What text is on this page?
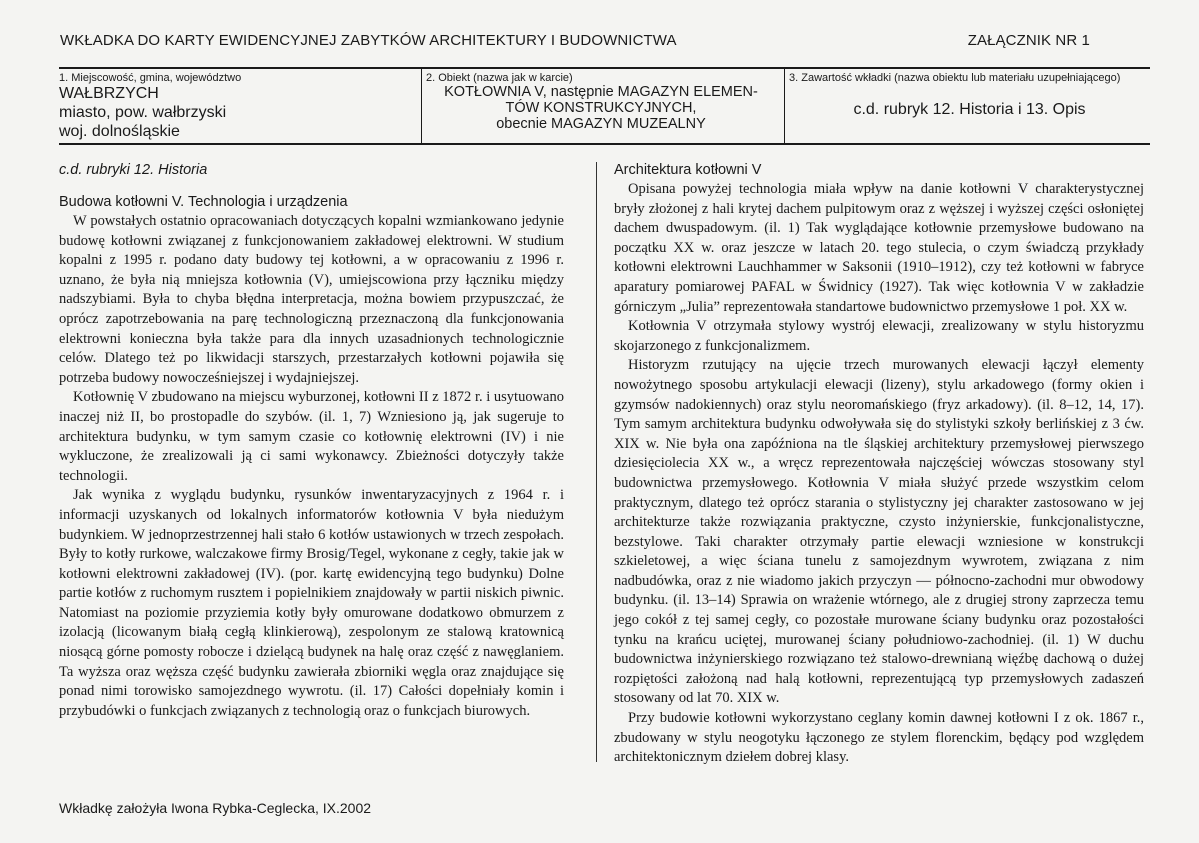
WKŁADKA DO KARTY EWIDENCYJNEJ ZABYTKÓW ARCHITEKTURY I BUDOWNICTWA	ZAŁĄCZNIK NR 1
1. Miejscowość, gmina, województwo
WAŁBRZYCH
miasto, pow. wałbrzyski
woj. dolnośląskie
2. Obiekt (nazwa jak w karcie)
KOTŁOWNIA V, następnie MAGAZYN ELEMEN-
TÓW KONSTRUKCYJNYCH,
obecnie MAGAZYN MUZEALNY
3. Zawartość wkładki (nazwa obiektu lub materiału uzupełniającego)
c.d. rubryk 12. Historia i 13. Opis
c.d. rubryki 12. Historia
Budowa kotłowni V. Technologia i urządzenia

W powstałych ostatnio opracowaniach dotyczących kopalni wzmiankowano jedynie budowę kotłowni związanej z funkcjonowaniem zakładowej elektrowni. W studium kopalni z 1995 r. podano daty budowy tej kotłowni, a w opracowaniu z 1996 r. uznano, że była nią mniejsza kotłownia (V), umiejscowiona przy łączniku między nadszybiami. Była to chyba błędna interpretacja, można bowiem przypuszczać, że oprócz zapotrzebowania na parę technologiczną przeznaczoną dla funkcjonowania elektrowni konieczna była także para dla innych uzasadnionych technologicznie celów. Dlatego też po likwidacji starszych, przestarzałych kotłowni pojawiła się potrzeba budowy nowocześniejszej i wydajniejszej.

Kotłownię V zbudowano na miejscu wyburzonej, kotłowni II z 1872 r. i usytuowano inaczej niż II, bo prostopadle do szybów. (il. 1, 7) Wzniesiono ją, jak sugeruje to architektura budynku, w tym samym czasie co kotłownię elektrowni (IV) i nie wykluczone, że zrealizowali ją ci sami wykonawcy. Zbieżności dotyczyły także technologii.

Jak wynika z wyglądu budynku, rysunków inwentaryzacyjnych z 1964 r. i informacji uzyskanych od lokalnych informatorów kotłownia V była niedużym budynkiem. W jednoprzestrzennej hali stało 6 kotłów ustawionych w trzech zespołach. Były to kotły rurkowe, walczakowe firmy Brosig/Tegel, wykonane z cegły, takie jak w kotłowni elektrowni zakładowej (IV). (por. kartę ewidencyjną tego budynku) Dolne partie kotłów z ruchomym rusztem i popielnikiem znajdowały w partii niskich piwnic. Natomiast na poziomie przyziemia kotły były omurowane dodatkowo obmurzem z izolacją (licowanym białą cegłą klinkierową), zespolonym ze stalową kratownicą niosącą górne pomosty robocze i dzielącą budynek na halę oraz część z nawęglaniem. Ta wyższa oraz węższa część budynku zawierała zbiorniki węgla oraz znajdujące się ponad nimi torowisko samojezdnego wywrotu. (il. 17) Całości dopełniały komin i przybudówki o funkcjach związanych z technologią oraz o funkcjach biurowych.

Architektura kotłowni V

Opisana powyżej technologia miała wpływ na danie kotłowni V charakterystycznej bryły złożonej z hali krytej dachem pulpitowym oraz z węższej i wyższej części osłoniętej dachem dwuspadowym. (il. 1) Tak wyglądające kotłownie przemysłowe budowano na początku XX w. oraz jeszcze w latach 20. tego stulecia, o czym świadczą przykłady kotłowni elektrowni Lauchhammer w Saksonii (1910–1912), czy też kotłowni w fabryce aparatury pomiarowej PAFAL w Świdnicy (1927). Tak więc kotłownia V w zakładzie górniczym „Julia” reprezentowała standartowe budownictwo przemysłowe 1 poł. XX w.

Kotłownia V otrzymała stylowy wystrój elewacji, zrealizowany w stylu historyzmu skojarzonego z funkcjonalizmem.

Historyzm rzutujący na ujęcie trzech murowanych elewacji łączył elementy nowożytnego sposobu artykulacji elewacji (lizeny), stylu arkadowego (formy okien i gzymsów nadokiennych) oraz stylu neoromańskiego (fryz arkadowy). (il. 8–12, 14, 17). Tym samym architektura budynku odwoływała się do stylistyki szkoły berlińskiej z 3 ćw. XIX w. Nie była ona zapóźniona na tle śląskiej architektury przemysłowej pierwszego dziesięciolecia XX w., a wręcz reprezentowała najczęściej wówczas stosowany styl budownictwa przemysłowego. Kotłownia V miała służyć przede wszystkim celom praktycznym, dlatego też oprócz starania o stylistyczny jej charakter zastosowano w jej architekturze także rozwiązania praktyczne, czysto inżynierskie, funkcjonalistyczne, bezstylowe. Taki charakter otrzymały partie elewacji wzniesione w konstrukcji szkieletowej, a więc ściana tunelu z samojezdnym wywrotem, związana z nim nadbudówka, oraz z nie wiadomo jakich przyczyn — północno-zachodni mur obwodowy budynku. (il. 13–14) Sprawia on wrażenie wtórnego, ale z drugiej strony zaprzecza temu jego cokół z tej samej cegły, co pozostałe murowane ściany budynku oraz pozostałości tynku na krańcu uciętej, murowanej ściany południowo-zachodniej. (il. 1) W duchu budownictwa inżynierskiego rozwiązano też stalowo-drewnianą więźbę dachową o dużej rozpiętości założoną nad halą kotłowni, reprezentującą typ przemysłowych zadaszeń stosowany od lat 70. XIX w.

Przy budowie kotłowni wykorzystano ceglany komin dawnej kotłowni I z ok. 1867 r., zbudowany w stylu neogotyku łączonego ze stylem florenckim, będący pod względem architektonicznym dziełem dobrej klasy.

Wkładkę założyła Iwona Rybka-Ceglecka, IX.2002
